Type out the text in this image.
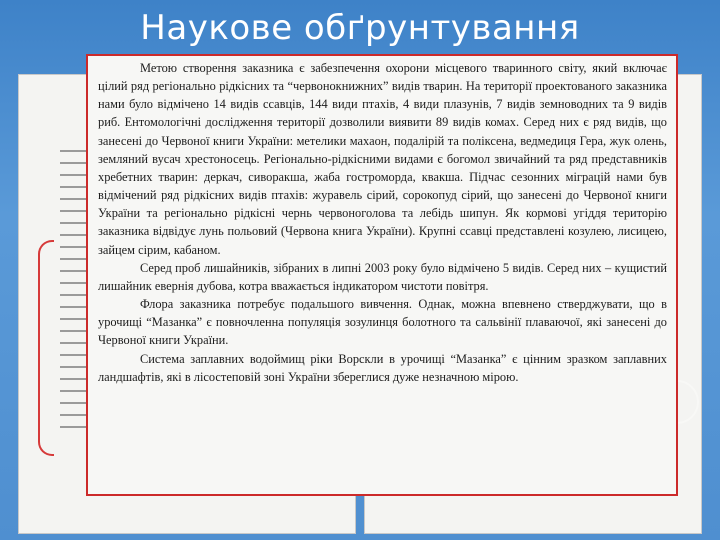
Наукове обґрунтування

Метою створення заказника є забезпечення охорони місцевого тваринного світу, який включає цілий ряд регіонально рідкісних та “червонокнижних” видів тварин. На території проектованого заказника нами було відмічено 14 видів ссавців, 144 види птахів, 4 види плазунів, 7 видів земноводних та 9 видів риб. Ентомологічні дослідження території дозволили виявити 89 видів комах. Серед них є ряд видів, що занесені до Червоної книги України: метелики махаон, подалірій та поліксена, ведмедиця Гера, жук олень, земляний вусач хрестоносець. Регіонально-рідкісними видами є богомол звичайний та ряд представників хребетних тварин: деркач, сиворакша, жаба гостроморда, квакша. Підчас сезонних міграцій нами був відмічений ряд рідкісних видів птахів: журавель сірий, сорокопуд сірий, що занесені до Червоної книги України та регіонально рідкісні чернь червоноголова та лебідь шипун. Як кормові угіддя територію заказника відвідує лунь польовий (Червона книга України). Крупні ссавці представлені козулею, лисицею, зайцем сірим, кабаном.

Серед проб лишайників, зібраних в липні 2003 року було відмічено 5 видів. Серед них – кущистий лишайник евернія дубова, котра вважається індикатором чистоти повітря.

Флора заказника потребує подальшого вивчення. Однак, можна впевнено стверджувати, що в урочищі “Мазанка” є повночленна популяція зозулинця болотного та сальвінії плаваючої, які занесені до Червоної книги України.

Система заплавних водоймищ ріки Ворскли в урочищі “Мазанка” є цінним зразком заплавних ландшафтів, які в лісостеповій зоні України збереглися дуже незначною мірою.
